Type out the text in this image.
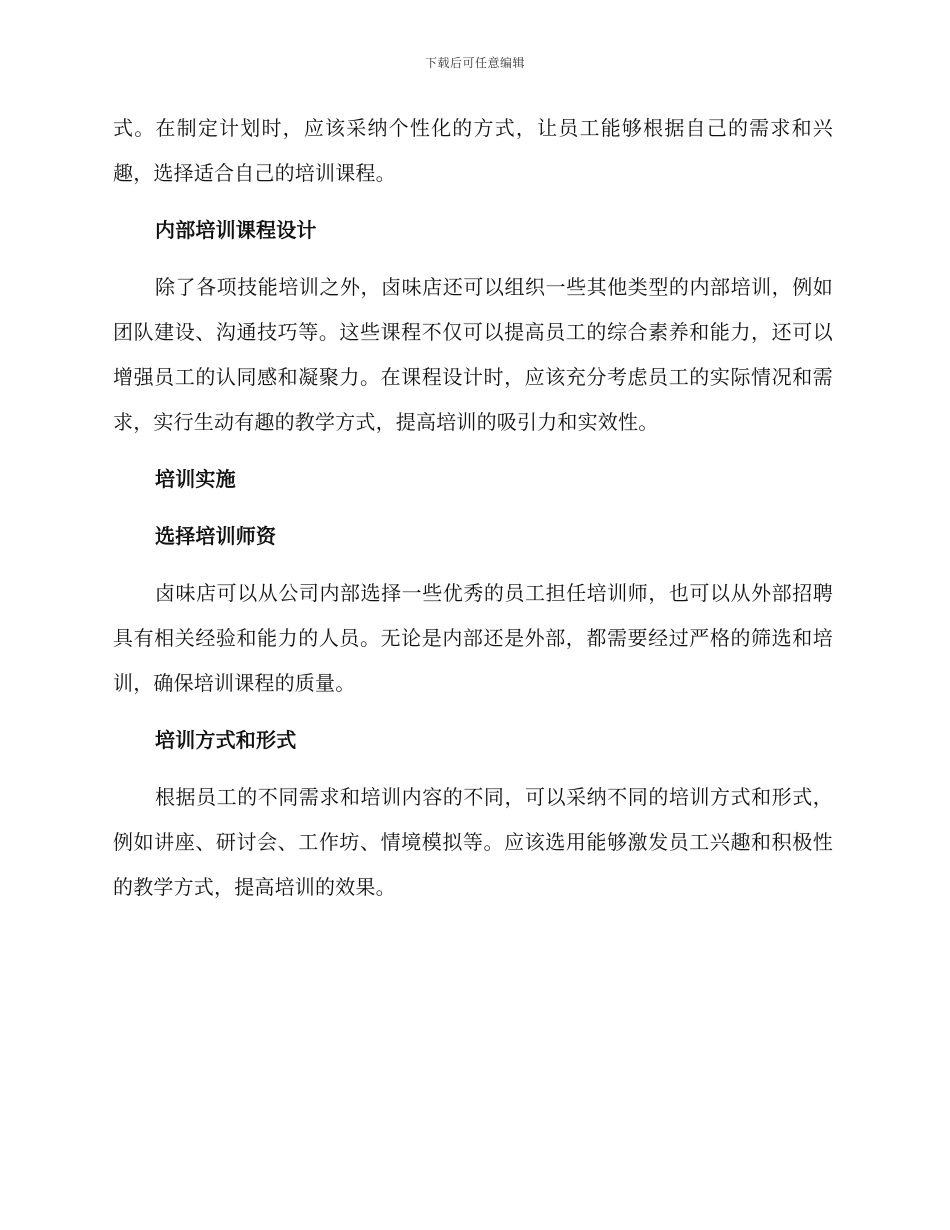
下载后可任意编辑

式。在制定计划时，应该采纳个性化的方式，让员工能够根据自己的需求和兴趣，选择适合自己的培训课程。

内部培训课程设计

除了各项技能培训之外，卤味店还可以组织一些其他类型的内部培训，例如团队建设、沟通技巧等。这些课程不仅可以提高员工的综合素养和能力，还可以增强员工的认同感和凝聚力。在课程设计时，应该充分考虑员工的实际情况和需求，实行生动有趣的教学方式，提高培训的吸引力和实效性。

培训实施
选择培训师资

卤味店可以从公司内部选择一些优秀的员工担任培训师，也可以从外部招聘具有相关经验和能力的人员。无论是内部还是外部，都需要经过严格的筛选和培训，确保培训课程的质量。

培训方式和形式

根据员工的不同需求和培训内容的不同，可以采纳不同的培训方式和形式，例如讲座、研讨会、工作坊、情境模拟等。应该选用能够激发员工兴趣和积极性的教学方式，提高培训的效果。
